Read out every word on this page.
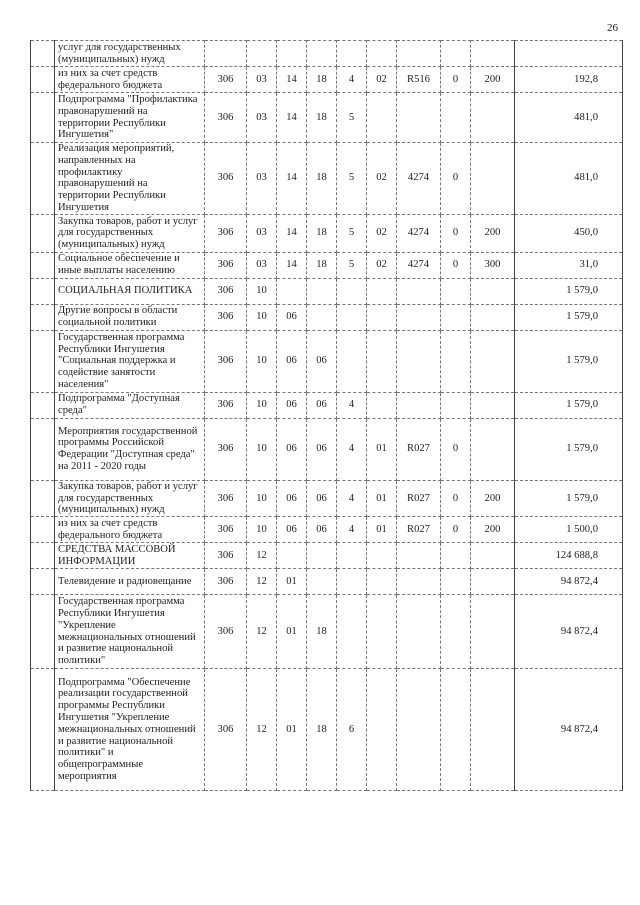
26
	услуг для государственных (муниципальных) нужд										
	из них за счет средств федерального бюджета	306	03	14	18	4	02	R516	0	200	192,8
	Подпрограмма "Профилактика правонарушений на территории Республики Ингушетия"	306	03	14	18	5					481,0
	Реализация мероприятий, направленных на профилактику правонарушений на территории Республики Ингушетия	306	03	14	18	5	02	4274	0		481,0
	Закупка товаров, работ и услуг для государственных (муниципальных) нужд	306	03	14	18	5	02	4274	0	200	450,0
	Социальное обеспечение и иные выплаты населению	306	03	14	18	5	02	4274	0	300	31,0
	СОЦИАЛЬНАЯ ПОЛИТИКА	306	10								1 579,0
	Другие вопросы в области социальной политики	306	10	06							1 579,0
	Государственная программа Республики Ингушетия "Социальная поддержка и содействие занятости населения"	306	10	06	06						1 579,0
	Подпрограмма "Доступная среда"	306	10	06	06	4					1 579,0
	Мероприятия государственной программы Российской Федерации "Доступная среда" на 2011 - 2020 годы	306	10	06	06	4	01	R027	0		1 579,0
	Закупка товаров, работ и услуг для государственных (муниципальных) нужд	306	10	06	06	4	01	R027	0	200	1 579,0
	из них за счет средств федерального бюджета	306	10	06	06	4	01	R027	0	200	1 500,0
	СРЕДСТВА МАССОВОЙ ИНФОРМАЦИИ	306	12								124 688,8
	Телевидение и радиовещание	306	12	01							94 872,4
	Государственная программа Республики Ингушетия "Укрепление межнациональных отношений и развитие национальной политики"	306	12	01	18						94 872,4
	Подпрограмма "Обеспечение реализации государственной программы Республики Ингушетия "Укрепление межнациональных отношений и развитие национальной политики" и общепрограммные мероприятия	306	12	01	18	6					94 872,4
